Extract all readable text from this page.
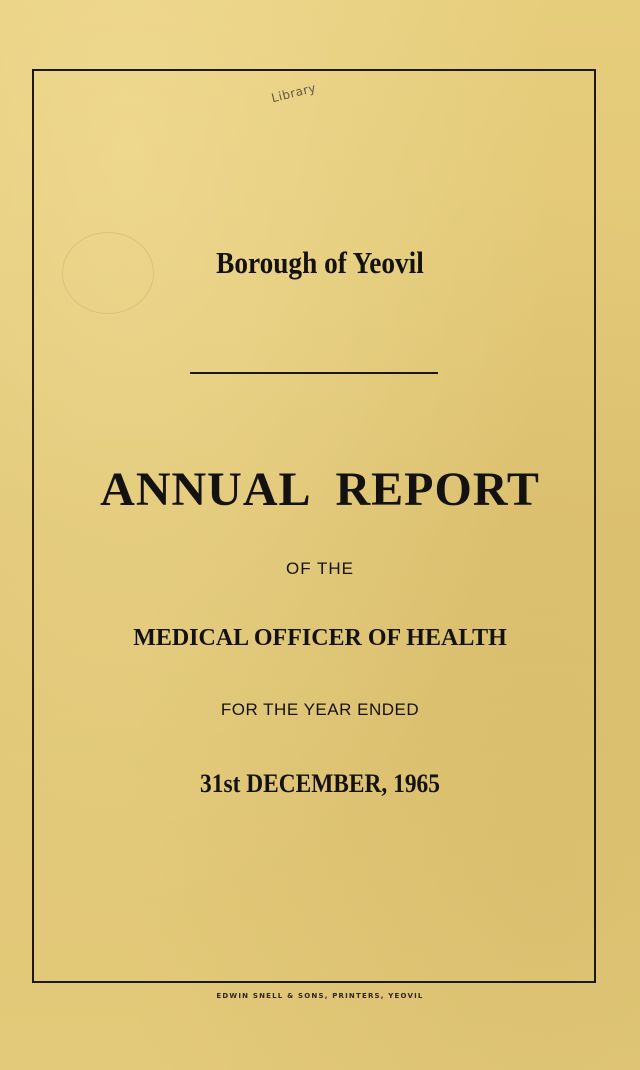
Library
Borough of Yeovil
ANNUAL REPORT
OF THE
MEDICAL OFFICER OF HEALTH
FOR THE YEAR ENDED
31st DECEMBER, 1965
EDWIN SNELL & SONS, PRINTERS, YEOVIL
